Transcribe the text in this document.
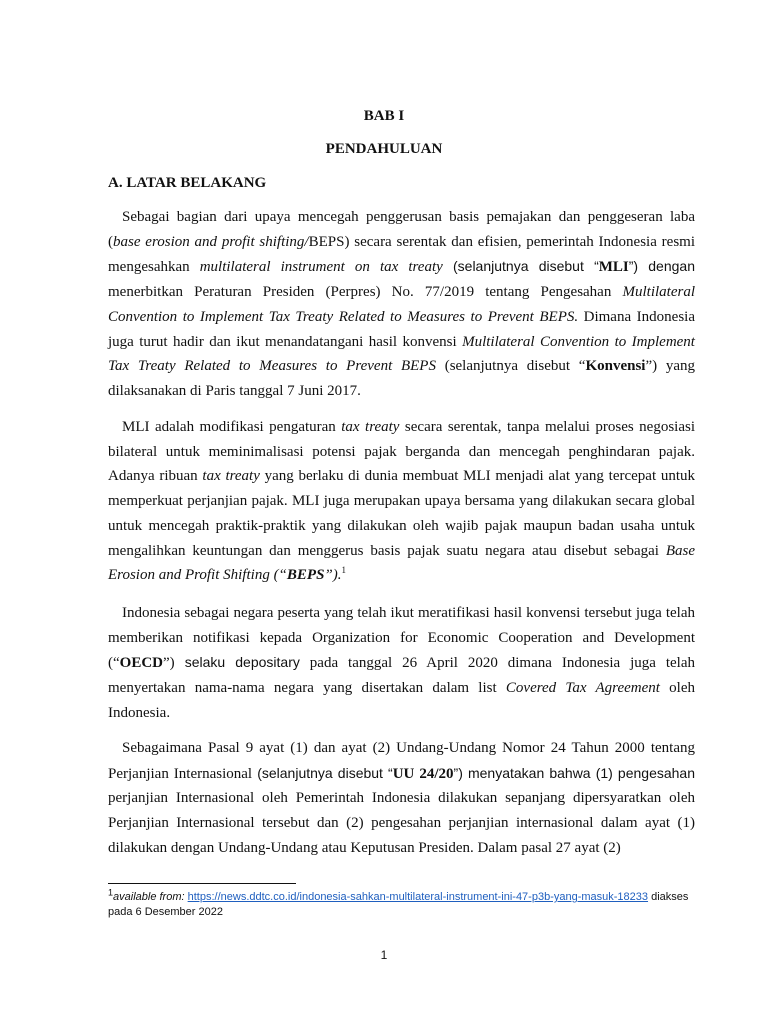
BAB I
PENDAHULUAN
A. LATAR BELAKANG

Sebagai bagian dari upaya mencegah penggerusan basis pemajakan dan penggeseran laba (base erosion and profit shifting/BEPS) secara serentak dan efisien, pemerintah Indonesia resmi mengesahkan multilateral instrument on tax treaty (selanjutnya disebut “MLI”) dengan menerbitkan Peraturan Presiden (Perpres) No. 77/2019 tentang Pengesahan Multilateral Convention to Implement Tax Treaty Related to Measures to Prevent BEPS. Dimana Indonesia juga turut hadir dan ikut menandatangani hasil konvensi Multilateral Convention to Implement Tax Treaty Related to Measures to Prevent BEPS (selanjutnya disebut “Konvensi”) yang dilaksanakan di Paris tanggal 7 Juni 2017.

MLI adalah modifikasi pengaturan tax treaty secara serentak, tanpa melalui proses negosiasi bilateral untuk meminimalisasi potensi pajak berganda dan mencegah penghindaran pajak. Adanya ribuan tax treaty yang berlaku di dunia membuat MLI menjadi alat yang tercepat untuk memperkuat perjanjian pajak. MLI juga merupakan upaya bersama yang dilakukan secara global untuk mencegah praktik-praktik yang dilakukan oleh wajib pajak maupun badan usaha untuk mengalihkan keuntungan dan menggerus basis pajak suatu negara atau disebut sebagai Base Erosion and Profit Shifting (“BEPS”).$^1$

Indonesia sebagai negara peserta yang telah ikut meratifikasi hasil konvensi tersebut juga telah memberikan notifikasi kepada Organization for Economic Cooperation and Development (“OECD”) selaku depositary pada tanggal 26 April 2020 dimana Indonesia juga telah menyertakan nama-nama negara yang disertakan dalam list Covered Tax Agreement oleh Indonesia.

Sebagaimana Pasal 9 ayat (1) dan ayat (2) Undang-Undang Nomor 24 Tahun 2000 tentang Perjanjian Internasional (selanjutnya disebut “UU 24/20”) menyatakan bahwa (1) pengesahan perjanjian Internasional oleh Pemerintah Indonesia dilakukan sepanjang dipersyaratkan oleh Perjanjian Internasional tersebut dan (2) pengesahan perjanjian internasional dalam ayat (1) dilakukan dengan Undang-Undang atau Keputusan Presiden. Dalam pasal 27 ayat (2)

$^1$available from: https://news.ddtc.co.id/indonesia-sahkan-multilateral-instrument-ini-47-p3b-yang-masuk-18233 diakses pada 6 Desember 2022
1
